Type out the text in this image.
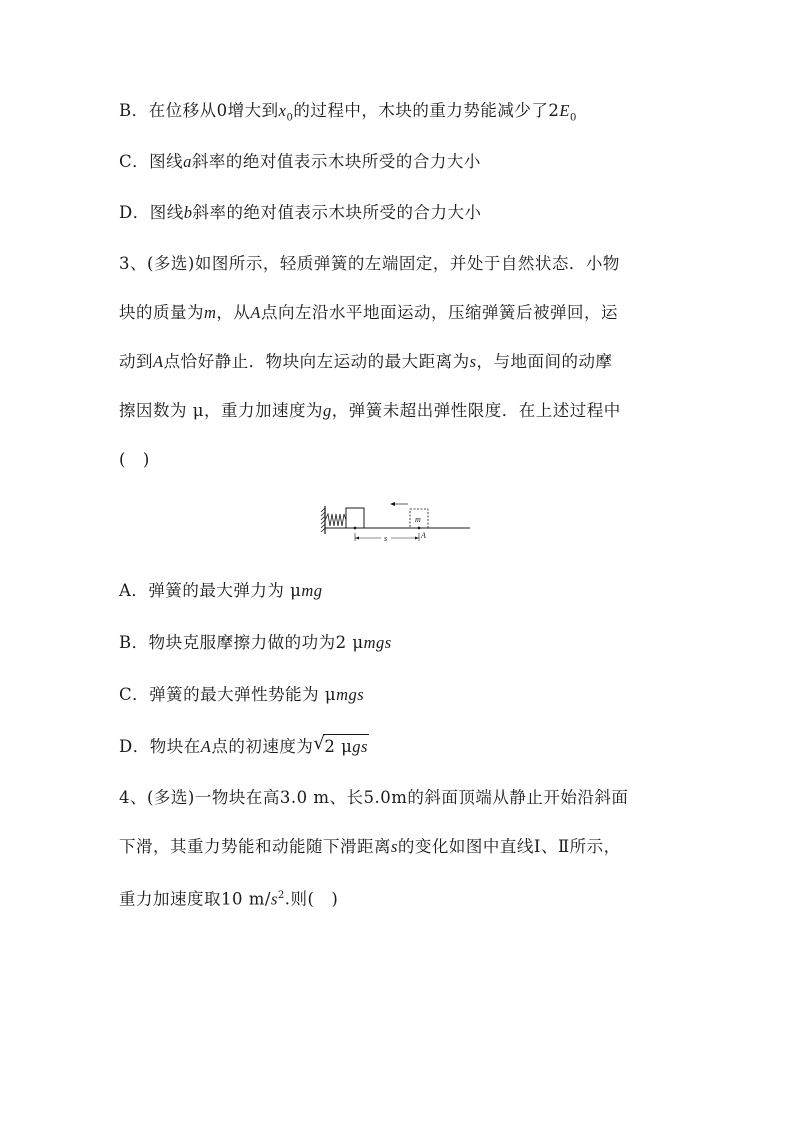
B．在位移从0增大到$x_0$的过程中，木块的重力势能减少了$2E_0$

C．图线a斜率的绝对值表示木块所受的合力大小

D．图线b斜率的绝对值表示木块所受的合力大小

3、(多选)如图所示，轻质弹簧的左端固定，并处于自然状态．小物

块的质量为m，从A点向左沿水平地面运动，压缩弹簧后被弹回，运

动到A点恰好静止．物块向左运动的最大距离为s，与地面间的动摩

擦因数为 μ，重力加速度为g，弹簧未超出弹性限度．在上述过程中

(　)

m
s	A

A．弹簧的最大弹力为 μmg

B．物块克服摩擦力做的功为2 μmgs

C．弹簧的最大弹性势能为 μmgs

D．物块在A点的初速度为 √ 2 μgs

4、(多选)一物块在高3.0 m、长5.0m的斜面顶端从静止开始沿斜面

下滑，其重力势能和动能随下滑距离s的变化如图中直线Ⅰ、Ⅱ所示，

重力加速度取10 $m/s^2$.则(　)
